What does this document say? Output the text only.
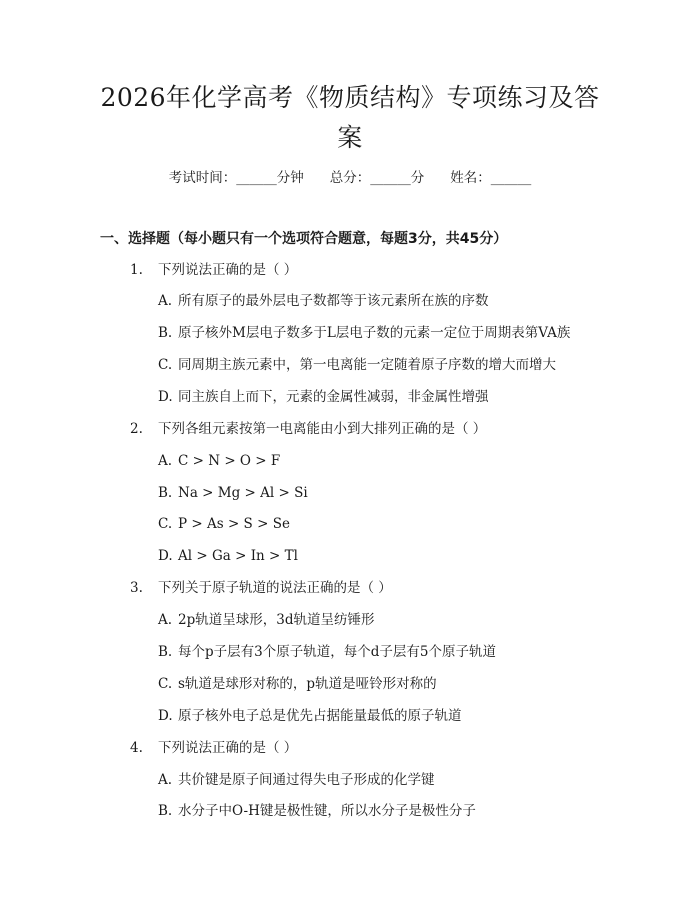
2026年化学高考《物质结构》专项练习及答
案
考试时间：______分钟 总分：______分 姓名：______
一、选择题（每小题只有一个选项符合题意，每题3分，共45分）
1. 下列说法正确的是（ ）
A. 所有原子的最外层电子数都等于该元素所在族的序数
B. 原子核外M层电子数多于L层电子数的元素一定位于周期表第VA族
C. 同周期主族元素中，第一电离能一定随着原子序数的增大而增大
D. 同主族自上而下，元素的金属性减弱，非金属性增强
2. 下列各组元素按第一电离能由小到大排列正确的是（ ）
A. C > N > O > F
B. Na > Mg > Al > Si
C. P > As > S > Se
D. Al > Ga > In > Tl
3. 下列关于原子轨道的说法正确的是（ ）
A. 2p轨道呈球形，3d轨道呈纺锤形
B. 每个p子层有3个原子轨道，每个d子层有5个原子轨道
C. s轨道是球形对称的，p轨道是哑铃形对称的
D. 原子核外电子总是优先占据能量最低的原子轨道
4. 下列说法正确的是（ ）
A. 共价键是原子间通过得失电子形成的化学键
B. 水分子中O-H键是极性键，所以水分子是极性分子
